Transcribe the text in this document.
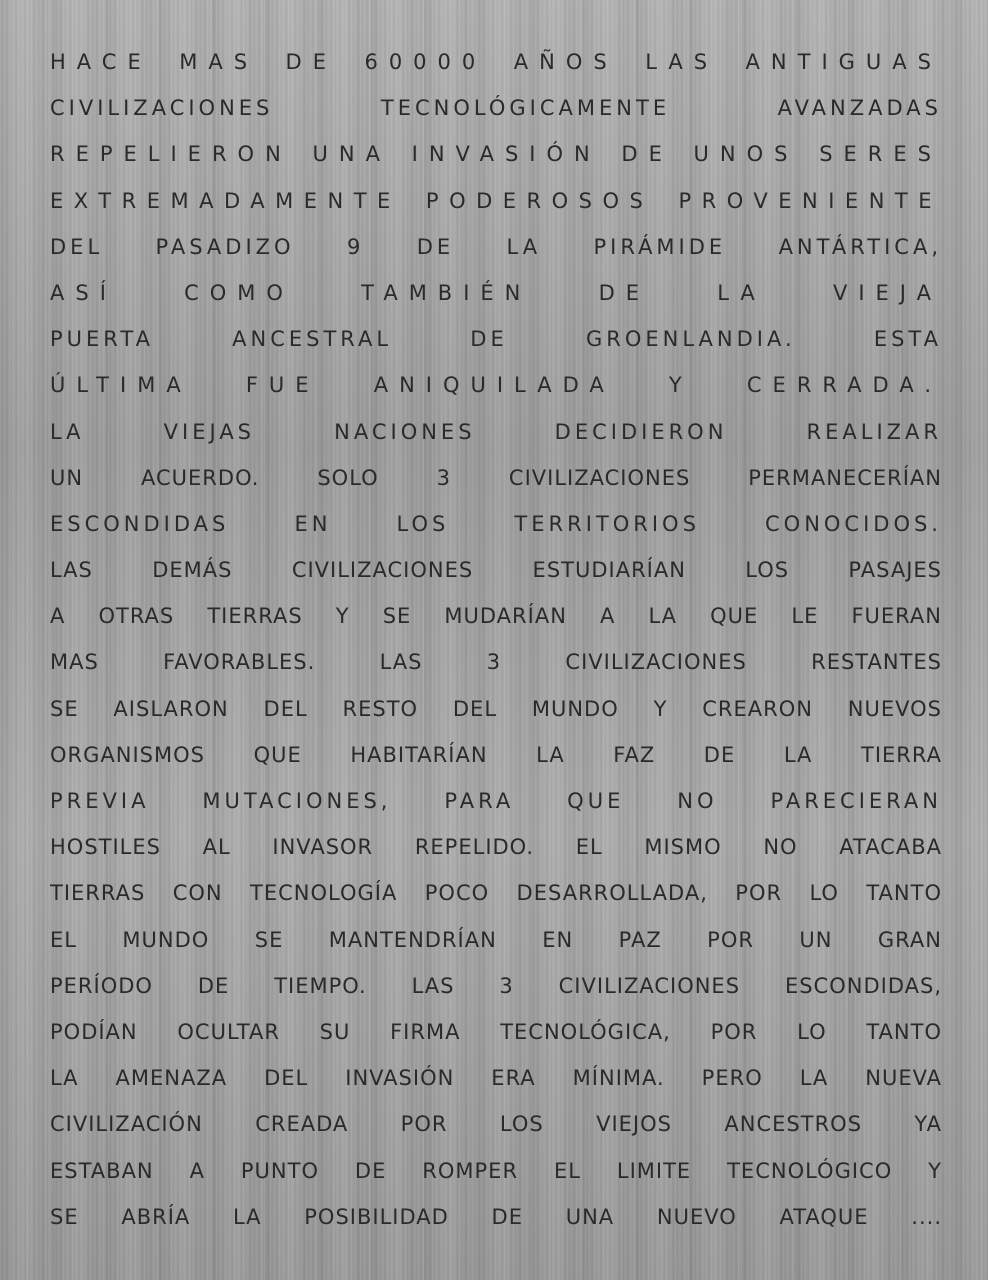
HACE MAS DE 60000 AÑOS LAS ANTIGUAS
CIVILIZACIONES TECNOLÓGICAMENTE AVANZADAS
REPELIERON UNA INVASIÓN DE UNOS SERES
EXTREMADAMENTE PODEROSOS PROVENIENTE
DEL PASADIZO 9 DE LA PIRÁMIDE ANTÁRTICA,
ASÍ COMO TAMBIÉN DE LA VIEJA
PUERTA ANCESTRAL DE GROENLANDIA. ESTA
ÚLTIMA FUE ANIQUILADA Y CERRADA.
LA VIEJAS NACIONES DECIDIERON REALIZAR
UN ACUERDO. SOLO 3 CIVILIZACIONES PERMANECERÍAN
ESCONDIDAS EN LOS TERRITORIOS CONOCIDOS.
LAS DEMÁS CIVILIZACIONES ESTUDIARÍAN LOS PASAJES
A OTRAS TIERRAS Y SE MUDARÍAN A LA QUE LE FUERAN
MAS FAVORABLES. LAS 3 CIVILIZACIONES RESTANTES
SE AISLARON DEL RESTO DEL MUNDO Y CREARON NUEVOS
ORGANISMOS QUE HABITARÍAN LA FAZ DE LA TIERRA
PREVIA MUTACIONES, PARA QUE NO PARECIERAN
HOSTILES AL INVASOR REPELIDO. EL MISMO NO ATACABA
TIERRAS CON TECNOLOGÍA POCO DESARROLLADA, POR LO TANTO
EL MUNDO SE MANTENDRÍAN EN PAZ POR UN GRAN
PERÍODO DE TIEMPO. LAS 3 CIVILIZACIONES ESCONDIDAS,
PODÍAN OCULTAR SU FIRMA TECNOLÓGICA, POR LO TANTO
LA AMENAZA DEL INVASIÓN ERA MÍNIMA. PERO LA NUEVA
CIVILIZACIÓN CREADA POR LOS VIEJOS ANCESTROS YA
ESTABAN A PUNTO DE ROMPER EL LIMITE TECNOLÓGICO Y
SE ABRÍA LA POSIBILIDAD DE UNA NUEVO ATAQUE ....
